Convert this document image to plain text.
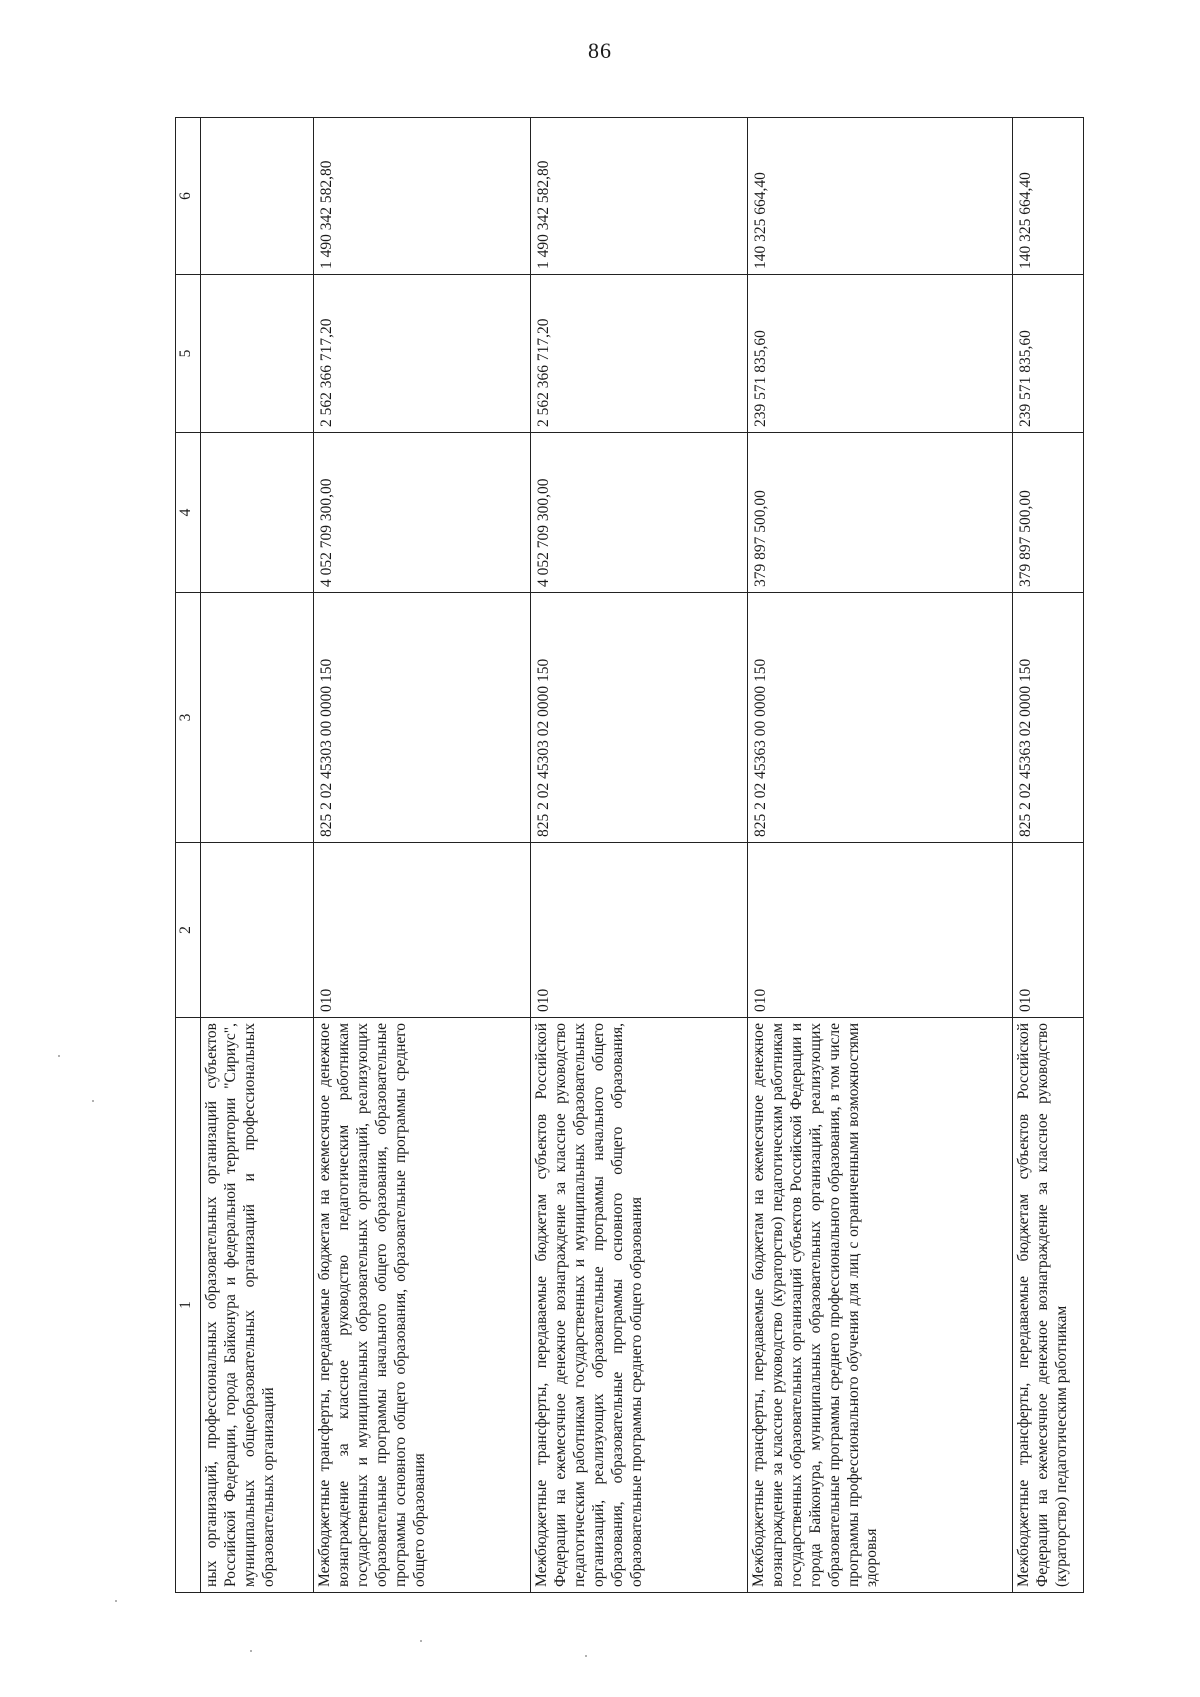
86
1	2	3	4	5	6
ных организаций, профессиональных образовательных организаций субъектов Российской Федерации, города Байконура и федеральной территории "Сириус", муниципальных общеобразовательных организаций и профессиональных образовательных организаций					
Межбюджетные трансферты, передаваемые бюджетам на ежемесячное денежное вознаграждение за классное руководство педагогическим работникам государственных и муниципальных образовательных организаций, реализующих образовательные программы начального общего образования, образовательные программы основного общего образования, образовательные программы среднего общего образования	010	825 2 02 45303 00 0000 150	4 052 709 300,00	2 562 366 717,20	1 490 342 582,80
Межбюджетные трансферты, передаваемые бюджетам субъектов Российской Федерации на ежемесячное денежное вознаграждение за классное руководство педагогическим работникам государственных и муниципальных образовательных организаций, реализующих образовательные программы начального общего образования, образовательные программы основного общего образования, образовательные программы среднего общего образования	010	825 2 02 45303 02 0000 150	4 052 709 300,00	2 562 366 717,20	1 490 342 582,80
Межбюджетные трансферты, передаваемые бюджетам на ежемесячное денежное вознаграждение за классное руководство (кураторство) педагогическим работникам государственных образовательных организаций субъектов Российской Федерации и города Байконура, муниципальных образовательных организаций, реализующих образовательные программы среднего профессионального образования, в том числе программы профессионального обучения для лиц с ограниченными возможностями здоровья	010	825 2 02 45363 00 0000 150	379 897 500,00	239 571 835,60	140 325 664,40
Межбюджетные трансферты, передаваемые бюджетам субъектов Российской Федерации на ежемесячное денежное вознаграждение за классное руководство (кураторство) педагогическим работникам	010	825 2 02 45363 02 0000 150	379 897 500,00	239 571 835,60	140 325 664,40
